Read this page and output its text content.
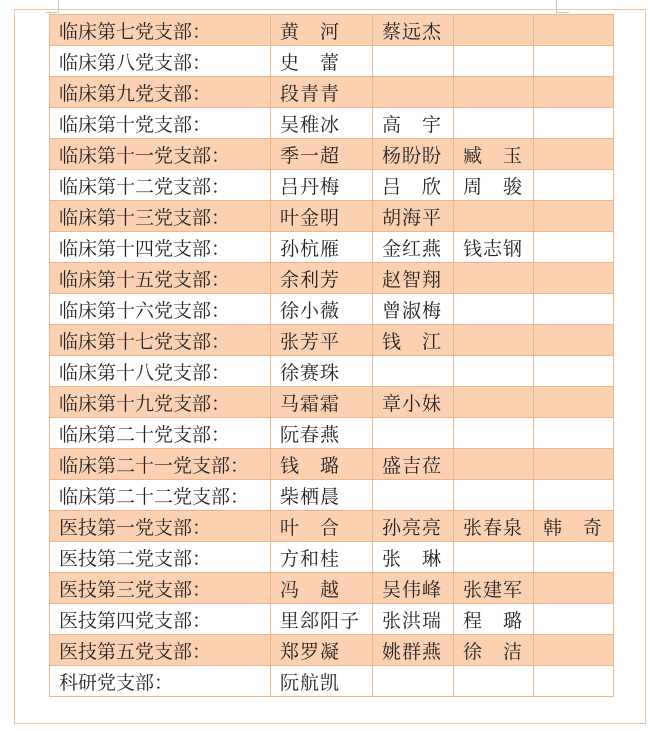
临床第七党支部：	黄　河	蔡远杰		
临床第八党支部：	史　蕾			
临床第九党支部：	段青青			
临床第十党支部：	吴稚冰	高　宇		
临床第十一党支部：	季一超	杨盼盼	臧　玉	
临床第十二党支部：	吕丹梅	吕　欣	周　骏	
临床第十三党支部：	叶金明	胡海平		
临床第十四党支部：	孙杭雁	金红燕	钱志钢	
临床第十五党支部：	余利芳	赵智翔		
临床第十六党支部：	徐小薇	曾淑梅		
临床第十七党支部：	张芳平	钱　江		
临床第十八党支部：	徐赛珠			
临床第十九党支部：	马霜霜	章小妹		
临床第二十党支部：	阮春燕			
临床第二十一党支部：	钱　璐	盛吉莅		
临床第二十二党支部：	柴栖晨			
医技第一党支部：	叶　合	孙亮亮	张春泉	韩　奇
医技第二党支部：	方和桂	张　琳		
医技第三党支部：	冯　越	吴伟峰	张建军	
医技第四党支部：	里郐阳子	张洪瑞	程　璐	
医技第五党支部：	郑罗凝	姚群燕	徐　洁	
科研党支部：	阮航凯			
